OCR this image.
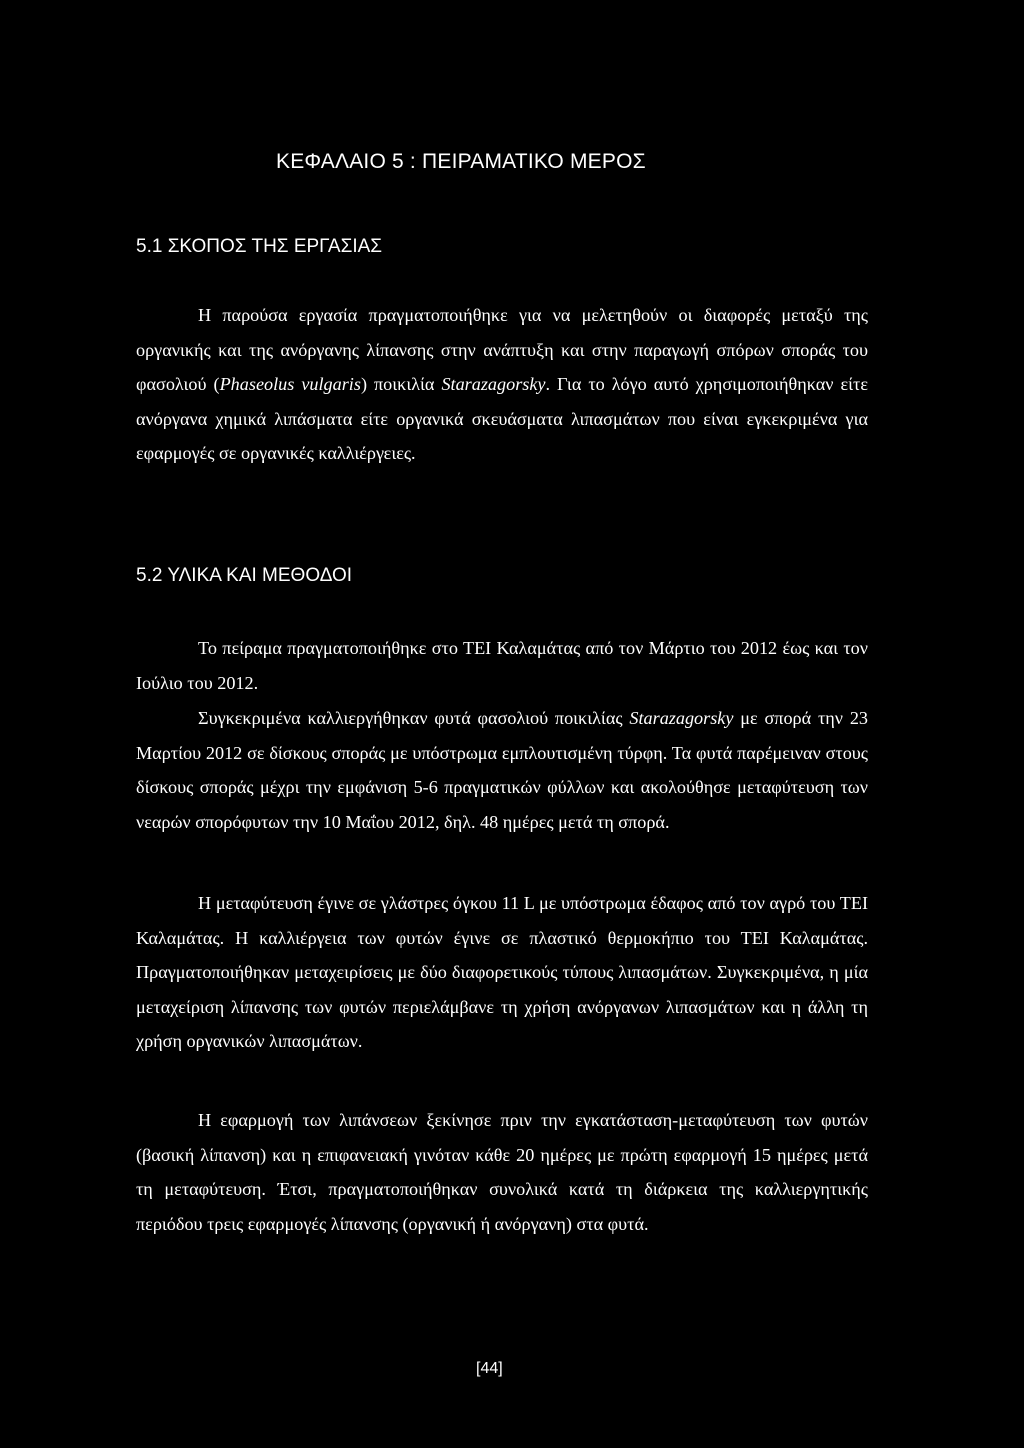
ΚΕΦΑΛΑΙΟ 5 : ΠΕΙΡΑΜΑΤΙΚΟ ΜΕΡΟΣ
5.1 ΣΚΟΠΟΣ ΤΗΣ ΕΡΓΑΣΙΑΣ

Η παρούσα εργασία πραγματοποιήθηκε για να μελετηθούν οι διαφορές μεταξύ της οργανικής και της ανόργανης λίπανσης στην ανάπτυξη και στην παραγωγή σπόρων σποράς του φασολιού (Phaseolus vulgaris) ποικιλία Starazagorsky. Για το λόγο αυτό χρησιμοποιήθηκαν είτε ανόργανα χημικά λιπάσματα είτε οργανικά σκευάσματα λιπασμάτων που είναι εγκεκριμένα για εφαρμογές σε οργανικές καλλιέργειες.

5.2 ΥΛΙΚΑ ΚΑΙ ΜΕΘΟΔΟΙ

Το πείραμα πραγματοποιήθηκε στο ΤΕΙ Καλαμάτας από τον Μάρτιο του 2012 έως και τον Ιούλιο του 2012.

Συγκεκριμένα καλλιεργήθηκαν φυτά φασολιού ποικιλίας Starazagorsky με σπορά την 23 Μαρτίου 2012 σε δίσκους σποράς με υπόστρωμα εμπλουτισμένη τύρφη. Τα φυτά παρέμειναν στους δίσκους σποράς μέχρι την εμφάνιση 5-6 πραγματικών φύλλων και ακολούθησε μεταφύτευση των νεαρών σπορόφυτων την 10 Μαΐου 2012, δηλ. 48 ημέρες μετά τη σπορά.

Η μεταφύτευση έγινε σε γλάστρες όγκου 11 L με υπόστρωμα έδαφος από τον αγρό του ΤΕΙ Καλαμάτας. Η καλλιέργεια των φυτών έγινε σε πλαστικό θερμοκήπιο του ΤΕΙ Καλαμάτας. Πραγματοποιήθηκαν μεταχειρίσεις με δύο διαφορετικούς τύπους λιπασμάτων. Συγκεκριμένα, η μία μεταχείριση λίπανσης των φυτών περιελάμβανε τη χρήση ανόργανων λιπασμάτων και η άλλη τη χρήση οργανικών λιπασμάτων.

Η εφαρμογή των λιπάνσεων ξεκίνησε πριν την εγκατάσταση-μεταφύτευση των φυτών (βασική λίπανση) και η επιφανειακή γινόταν κάθε 20 ημέρες με πρώτη εφαρμογή 15 ημέρες μετά τη μεταφύτευση. Έτσι, πραγματοποιήθηκαν συνολικά κατά τη διάρκεια της καλλιεργητικής περιόδου τρεις εφαρμογές λίπανσης (οργανική ή ανόργανη) στα φυτά.

[44]
